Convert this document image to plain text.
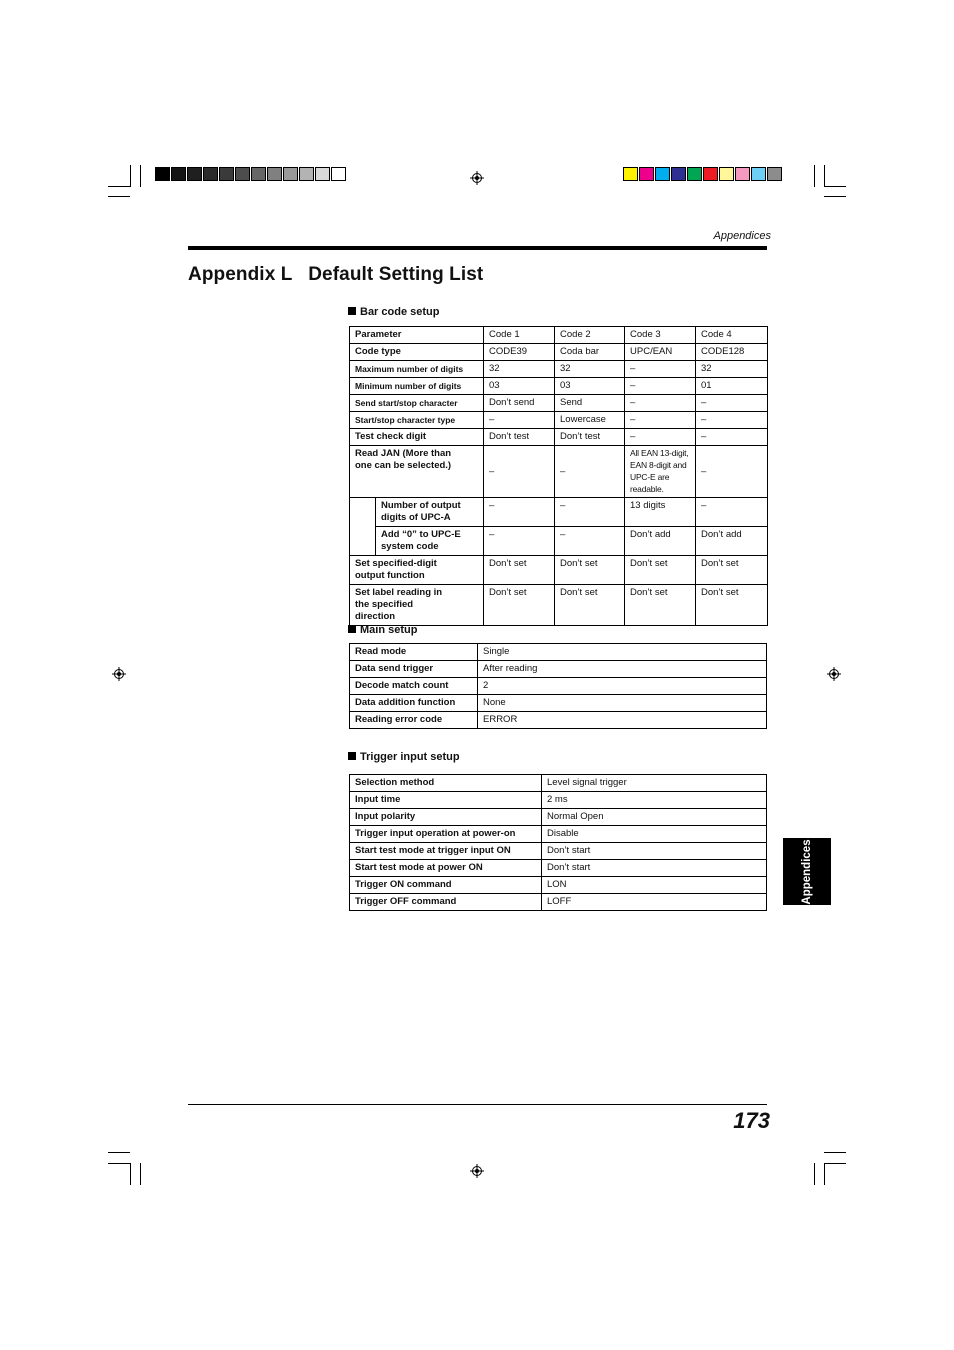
Appendices
Appendix L   Default Setting List
Bar code setup
Parameter		Code 1	Code 2	Code 3	Code 4
Code type		CODE39	Coda bar	UPC/EAN	CODE128
Maximum number of digits		32	32	–	32
Minimum number of digits		03	03	–	01
Send start/stop character		Don’t send	Send	–	–
Start/stop character type		–	Lowercase	–	–
Test check digit		Don’t test	Don’t test	–	–
Read JAN (More than one can be selected.)		–	–	All EAN 13-digit, EAN 8-digit and UPC-E are readable.	–
	Number of output digits of UPC-A	–	–	13 digits	–
	Add “0” to UPC-E system code	–	–	Don’t add	Don’t add
Set specified-digit output function		Don’t set	Don’t set	Don’t set	Don’t set
Set label reading in the specified direction		Don’t set	Don’t set	Don’t set	Don’t set
Main setup
Read mode	Single
Data send trigger	After reading
Decode match count	2
Data addition function	None
Reading error code	ERROR
Trigger input setup
Selection method	Level signal trigger
Input time	2 ms
Input polarity	Normal Open
Trigger input operation at power-on	Disable
Start test mode at trigger input ON	Don’t start
Start test mode at power ON	Don’t start
Trigger ON command	LON
Trigger OFF command	LOFF	Appendices
173
